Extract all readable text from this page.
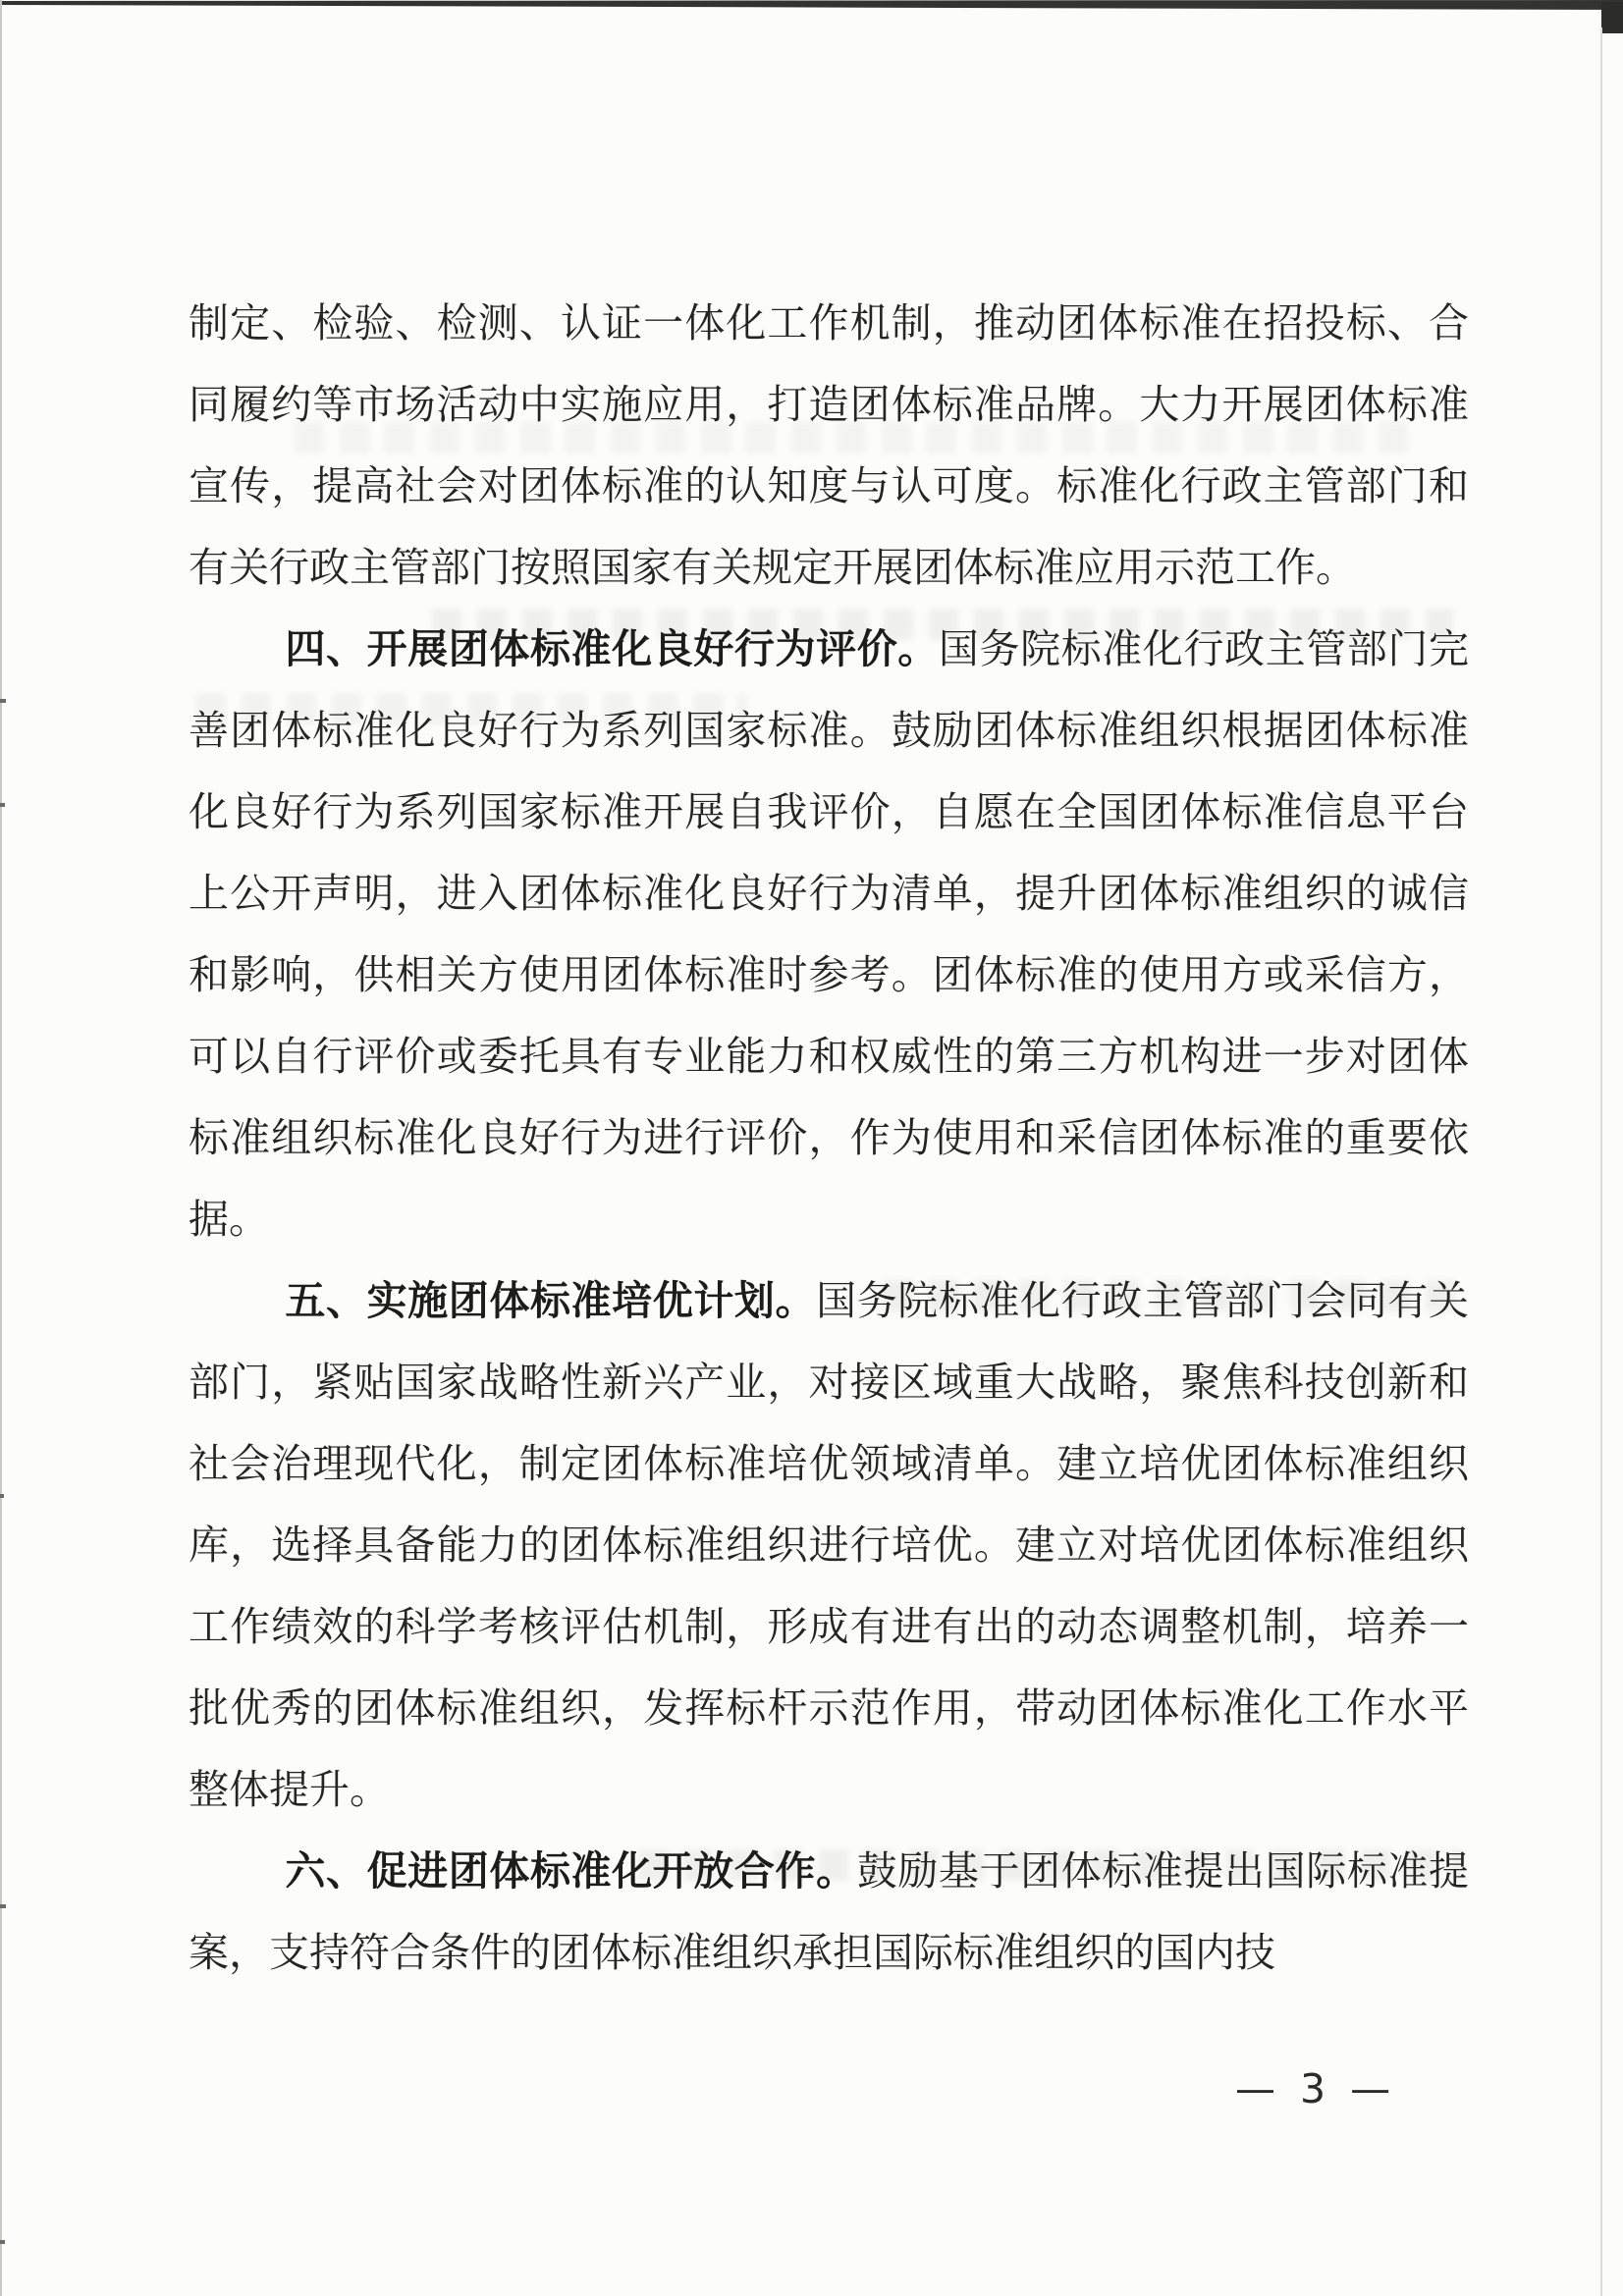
制定、检验、检测、认证一体化工作机制，推动团体标准在招投标、合同履约等市场活动中实施应用，打造团体标准品牌。大力开展团体标准宣传，提高社会对团体标准的认知度与认可度。标准化行政主管部门和有关行政主管部门按照国家有关规定开展团体标准应用示范工作。

四、开展团体标准化良好行为评价。国务院标准化行政主管部门完善团体标准化良好行为系列国家标准。鼓励团体标准组织根据团体标准化良好行为系列国家标准开展自我评价，自愿在全国团体标准信息平台上公开声明，进入团体标准化良好行为清单，提升团体标准组织的诚信和影响，供相关方使用团体标准时参考。团体标准的使用方或采信方，可以自行评价或委托具有专业能力和权威性的第三方机构进一步对团体标准组织标准化良好行为进行评价，作为使用和采信团体标准的重要依据。

五、实施团体标准培优计划。国务院标准化行政主管部门会同有关部门，紧贴国家战略性新兴产业，对接区域重大战略，聚焦科技创新和社会治理现代化，制定团体标准培优领域清单。建立培优团体标准组织库，选择具备能力的团体标准组织进行培优。建立对培优团体标准组织工作绩效的科学考核评估机制，形成有进有出的动态调整机制，培养一批优秀的团体标准组织，发挥标杆示范作用，带动团体标准化工作水平整体提升。

六、促进团体标准化开放合作。鼓励基于团体标准提出国际标准提案，支持符合条件的团体标准组织承担国际标准组织的国内技

— 3 —
